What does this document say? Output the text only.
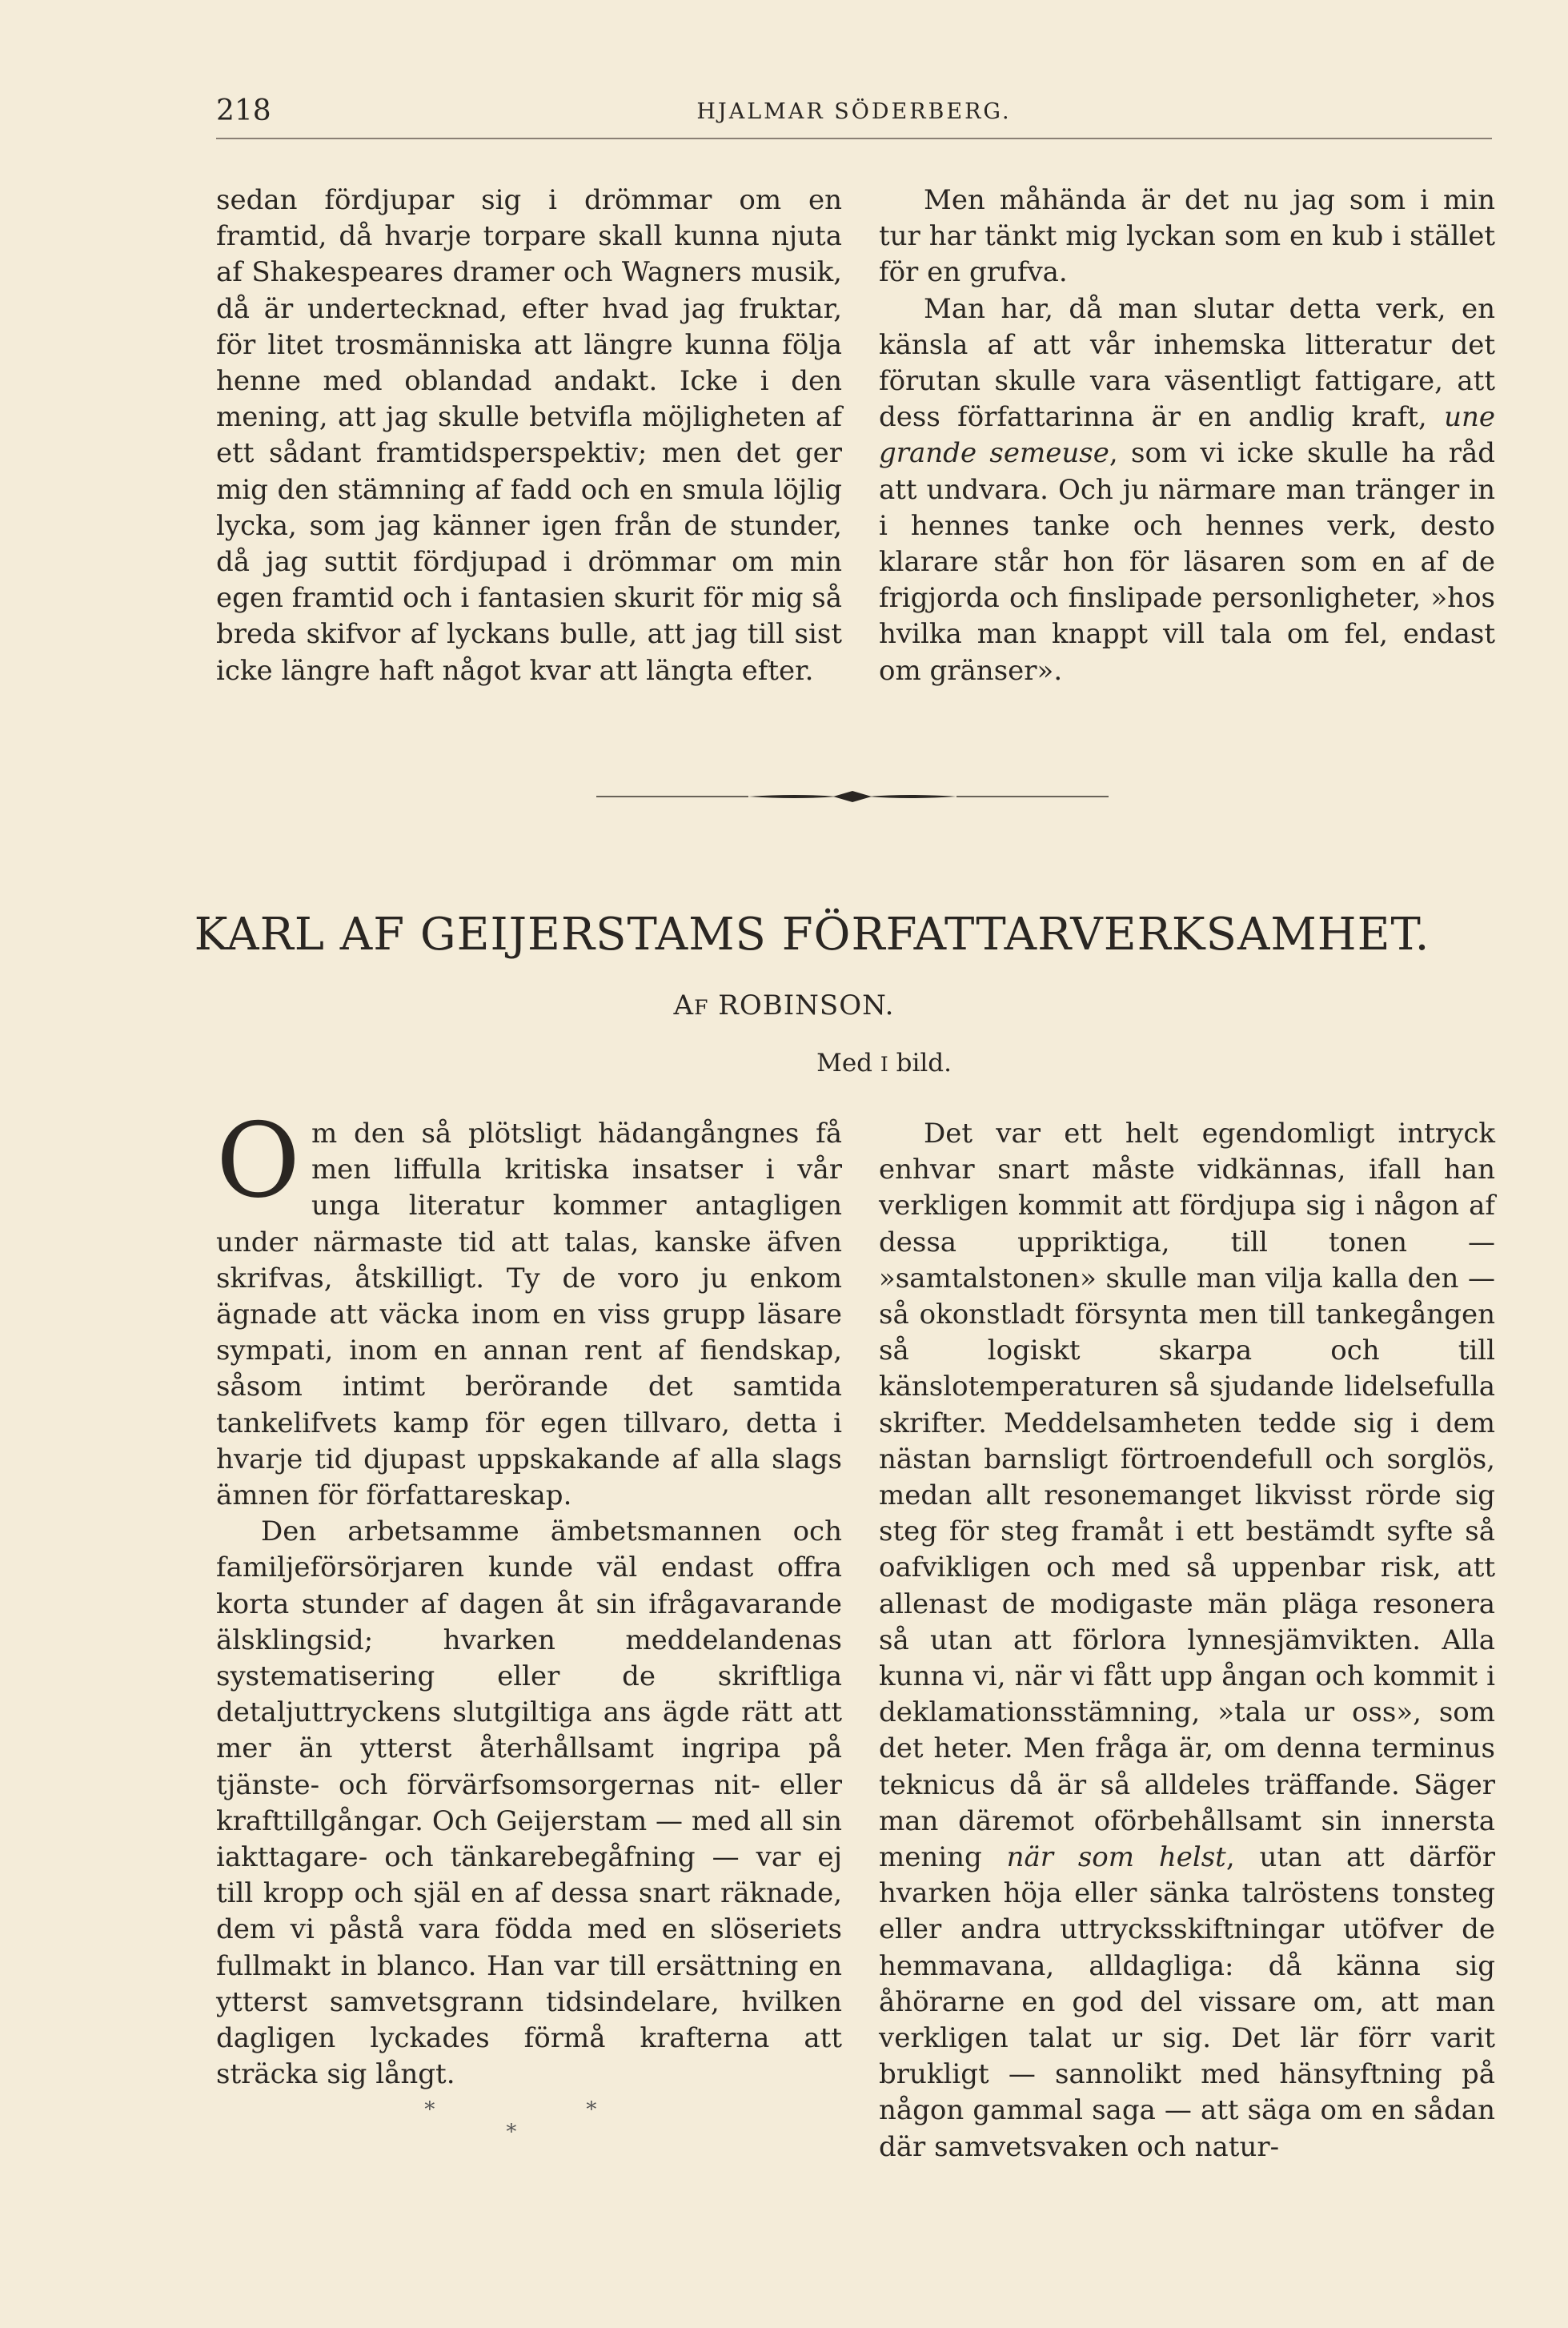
218	HJALMAR SÖDERBERG.

sedan fördjupar sig i drömmar om en framtid, då hvarje torpare skall kunna njuta af Shakespeares dramer och Wagners musik, då är undertecknad, efter hvad jag fruktar, för litet trosmänniska att längre kunna följa henne med oblandad andakt. Icke i den mening, att jag skulle betvifla möjligheten af ett sådant framtidsperspektiv; men det ger mig den stämning af fadd och en smula löjlig lycka, som jag känner igen från de stunder, då jag suttit fördjupad i drömmar om min egen framtid och i fantasien skurit för mig så breda skifvor af lyckans bulle, att jag till sist icke längre haft något kvar att längta efter.

Men måhända är det nu jag som i min tur har tänkt mig lyckan som en kub i stället för en grufva.

Man har, då man slutar detta verk, en känsla af att vår inhemska litteratur det förutan skulle vara väsentligt fattigare, att dess författarinna är en andlig kraft, une grande semeuse, som vi icke skulle ha råd att undvara. Och ju närmare man tränger in i hennes tanke och hennes verk, desto klarare står hon för läsaren som en af de frigjorda och finslipade personligheter, »hos hvilka man knappt vill tala om fel, endast om gränser».

KARL AF GEIJERSTAMS FÖRFATTARVERKSAMHET.
AF ROBINSON.
Med I bild.

Om den så plötsligt hädangångnes få men liffulla kritiska insatser i vår unga literatur kommer antagligen under närmaste tid att talas, kanske äfven skrifvas, åtskilligt. Ty de voro ju enkom ägnade att väcka inom en viss grupp läsare sympati, inom en annan rent af fiendskap, såsom intimt berörande det samtida tankelifvets kamp för egen tillvaro, detta i hvarje tid djupast uppskakande af alla slags ämnen för författareskap.

Den arbetsamme ämbetsmannen och familjeförsörjaren kunde väl endast offra korta stunder af dagen åt sin ifrågavarande älsklingsid; hvarken meddelandenas systematisering eller de skriftliga detaljuttryckens slutgiltiga ans ägde rätt att mer än ytterst återhållsamt ingripa på tjänste- och förvärfsomsorgernas nit- eller krafttillgångar. Och Geijerstam — med all sin iakttagare- och tänkarebegåfning — var ej till kropp och själ en af dessa snart räknade, dem vi påstå vara födda med en slöseriets fullmakt in blanco. Han var till ersättning en ytterst samvetsgrann tidsindelare, hvilken dagligen lyckades förmå krafterna att sträcka sig långt.

Det var ett helt egendomligt intryck enhvar snart måste vidkännas, ifall han verkligen kommit att fördjupa sig i någon af dessa uppriktiga, till tonen — »samtalstonen» skulle man vilja kalla den — så okonstladt försynta men till tankegången så logiskt skarpa och till känslotemperaturen så sjudande lidelsefulla skrifter. Meddelsamheten tedde sig i dem nästan barnsligt förtroendefull och sorglös, medan allt resonemanget likvisst rörde sig steg för steg framåt i ett bestämdt syfte så oafvikligen och med så uppenbar risk, att allenast de modigaste män pläga resonera så utan att förlora lynnesjämvikten. Alla kunna vi, när vi fått upp ångan och kommit i deklamationsstämning, »tala ur oss», som det heter. Men fråga är, om denna terminus teknicus då är så alldeles träffande. Säger man däremot oförbehållsamt sin innersta mening när som helst, utan att därför hvarken höja eller sänka talröstens tonsteg eller andra uttrycksskiftningar utöfver de hemmavana, alldagliga: då känna sig åhörarne en god del vissare om, att man verkligen talat ur sig. Det lär förr varit brukligt — sannolikt med hänsyftning på någon gammal saga — att säga om en sådan där samvetsvaken och natur-

∗	∗
∗
